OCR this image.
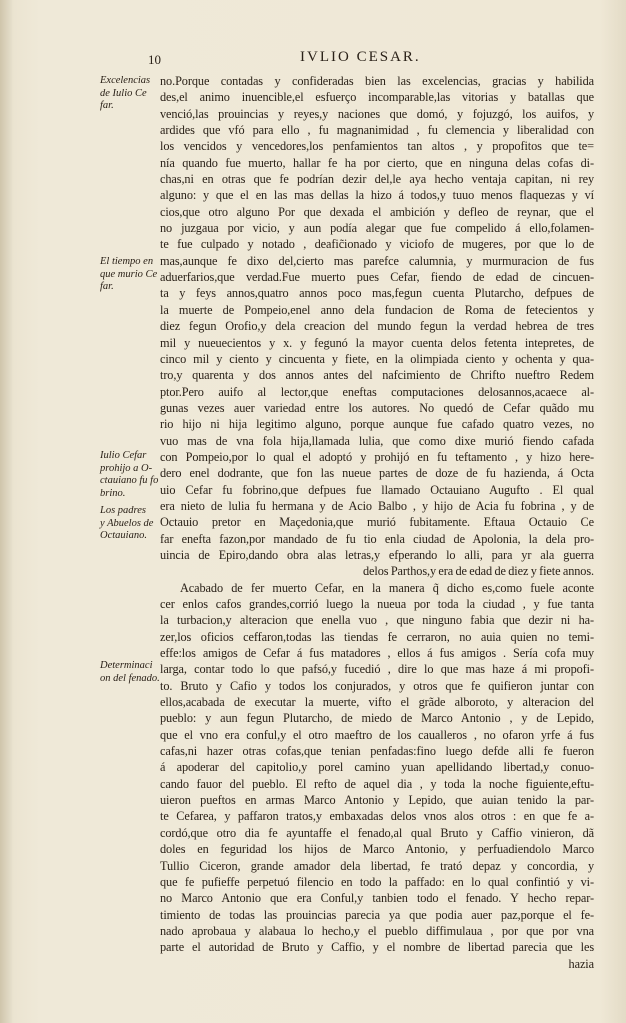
10	IVLIO CESAR.
Excelencias
de Iulio Ce
far.
El tiempo en
que murio Ce
far.
Iulio Cefar
prohijo a O-
ctauiano fu fo
brino.
Los padres
y Abuelos de
Octauiano.
Determinaci
on del fenado.
no.Porque contadas y confideradas bien las excelencias, gracias y habilida
des,el animo inuencible,el esfuerço incomparable,las vitorias y batallas que
venció,las prouincias y reyes,y naciones que domó, y fojuzgó, los auifos, y
ardides que vfó para ello , fu magnanimidad , fu clemencia y liberalidad con
los vencidos y vencedores,los penfamientos tan altos , y propofitos que te=
nía quando fue muerto, hallar fe ha por cierto, que en ninguna delas cofas di-
chas,ni en otras que fe podrían dezir del,le aya hecho ventaja capitan, ni rey
alguno: y que el en las mas dellas la hizo á todos,y tuuo menos flaquezas y ví
cios,que otro alguno Por que dexada el ambición y defleo de reynar, que el
no juzgaua por vicio, y aun podía alegar que fue compelido á ello,folamen-
te fue culpado y notado , deafic̃ionado y viciofo de mugeres, por que lo de
mas,aunque fe dixo del,cierto mas parefce calumnia, y murmuracion de fus
aduerfarios,que verdad.Fue muerto pues Cefar, fiendo de edad de cincuen-
ta y feys annos,quatro annos poco mas,fegun cuenta Plutarcho, defpues de
la muerte de Pompeio,enel anno dela fundacion de Roma de fetecientos y
diez fegun Orofio,y dela creacion del mundo fegun la verdad hebrea de tres
mil y nueuecientos y x. y fegunó la mayor cuenta delos fetenta intepretes, de
cinco mil y ciento y cincuenta y fiete, en la olimpiada ciento y ochenta y qua-
tro,y quarenta y dos annos antes del nafcimiento de Chrifto nueftro Redem
ptor.Pero auifo al lector,que eneftas computaciones delosannos,acaece al-
gunas vezes auer variedad entre los autores. No quedó de Cefar quãdo mu
rio hijo ni hija legitimo alguno, porque aunque fue cafado quatro vezes, no
vuo mas de vna fola hija,llamada lulia, que como dixe murió fiendo cafada
con Pompeio,por lo qual el adoptó y prohijó en fu teftamento , y hizo here-
dero enel dodrante, que fon las nueue partes de doze de fu hazienda, á Octa
uio Cefar fu fobrino,que defpues fue llamado Octauiano Augufto . El qual
era nieto de lulia fu hermana y de Acio Balbo , y hijo de Acia fu fobrina , y de
Octauio pretor en Maçedonia,que murió fubitamente. Eftaua Octauio Ce
far enefta fazon,por mandado de fu tio enla ciudad de Apolonia, la dela pro-
uincia de Epiro,dando obra alas letras,y efperando lo alli, para yr ala guerra
delos Parthos,y era de edad de diez y fiete annos.
Acabado de fer muerto Cefar, en la manera q̃ dicho es,como fuele aconte
cer enlos cafos grandes,corrió luego la nueua por toda la ciudad , y fue tanta
la turbacion,y alteracion que enella vuo , que ninguno fabia que dezir ni ha-
zer,los oficios ceffaron,todas las tiendas fe cerraron, no auia quien no temi-
effe:los amigos de Cefar á fus matadores , ellos á fus amigos . Sería cofa muy
larga, contar todo lo que pafsó,y fucedió , dire lo que mas haze á mi propofi-
to. Bruto y Cafio y todos los conjurados, y otros que fe quifieron juntar con
ellos,acabada de executar la muerte, vifto el grãde alboroto, y alteracion del
pueblo: y aun fegun Plutarcho, de miedo de Marco Antonio , y de Lepido,
que el vno era conful,y el otro maeftro de los caualleros , no ofaron yrfe á fus
cafas,ni hazer otras cofas,que tenian penfadas:fino luego defde alli fe fueron
á apoderar del capitolio,y porel camino yuan apellidando libertad,y conuo-
cando fauor del pueblo. El refto de aquel dia , y toda la noche figuiente,eftu-
uieron pueftos en armas Marco Antonio y Lepido, que auian tenido la par-
te Cefarea, y paffaron tratos,y embaxadas delos vnos alos otros : en que fe a-
cordó,que otro dia fe ayuntaffe el fenado,al qual Bruto y Caffio vinieron, dã
doles en feguridad los hijos de Marco Antonio, y perfuadiendolo Marco
Tullio Ciceron, grande amador dela libertad, fe trató depaz y concordia, y
que fe pufieffe perpetuó filencio en todo la paffado: en lo qual confintió y vi-
no Marco Antonio que era Conful,y tanbien todo el fenado. Y hecho repar-
timiento de todas las prouincias parecia ya que podia auer paz,porque el fe-
nado aprobaua y alabaua lo hecho,y el pueblo diffimulaua , por que por vna
parte el autoridad de Bruto y Caffio, y el nombre de libertad parecia que les
hazia
